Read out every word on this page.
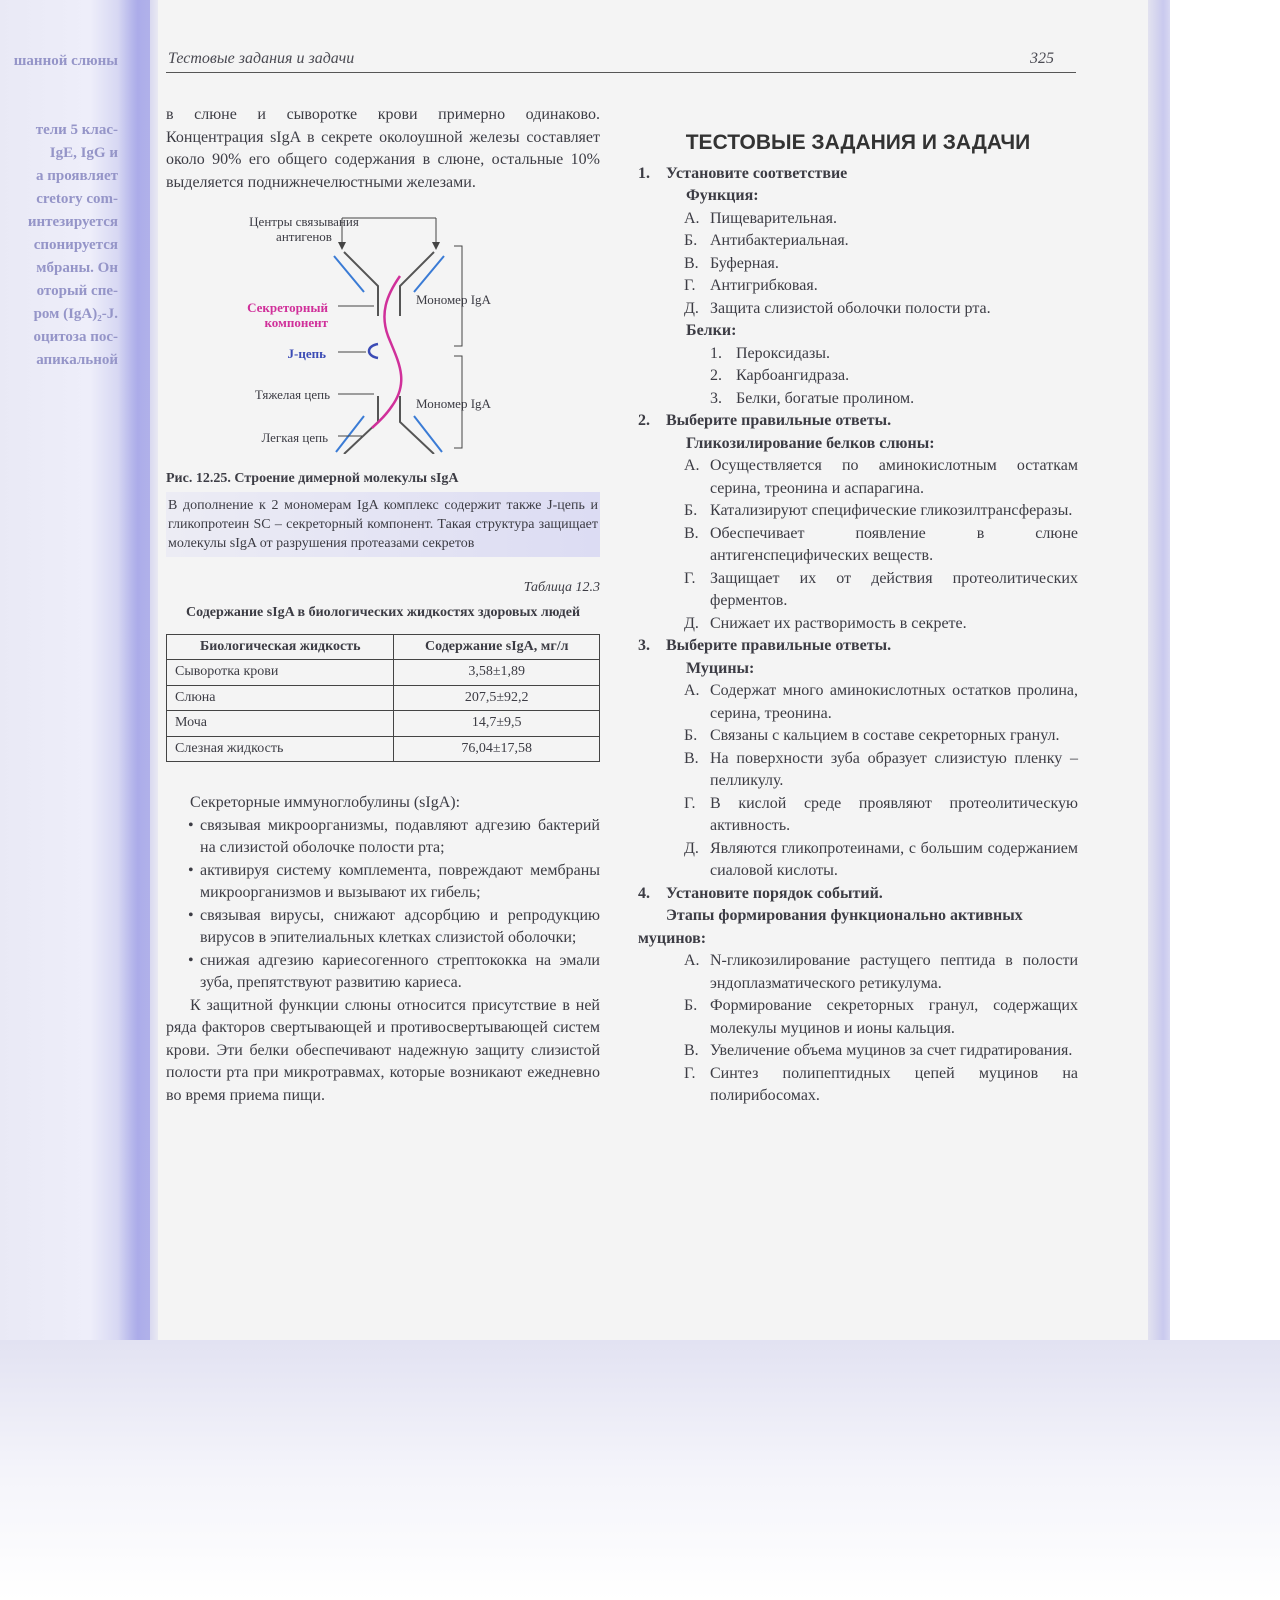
шанной слюны

тели 5 клас-
IgE, IgG и
а проявляет
cretory com-
интезируется
спонируется
мбраны. Он
оторый спе-
ром (IgA)₂-J.
оцитоза пос-
апикальной
Тестовые задания и задачи	325

в слюне и сыворотке крови примерно одинаково. Концентрация sIgA в секрете околоушной железы составляет около 90% его общего содержания в слюне, остальные 10% выделяется поднижнечелюстными железами.

Центры связывания антигенов
Секреторный компонент
J-цепь
Тяжелая цепь
Легкая цепь
Мономер IgA
Мономер IgA
Рис. 12.25. Строение димерной молекулы sIgA
В дополнение к 2 мономерам IgA комплекс содержит также J-цепь и гликопротеин SC – секреторный компонент. Такая структура защищает молекулы sIgA от разрушения протеазами секретов
Таблица 12.3
Содержание sIgA в биологических жидкостях здоровых людей
Биологическая жидкость	Содержание sIgA, мг/л
Сыворотка крови	3,58±1,89
Слюна	207,5±92,2
Моча	14,7±9,5
Слезная жидкость	76,04±17,58

Секреторные иммуноглобулины (sIgA):

• связывая микроорганизмы, подавляют адгезию бактерий на слизистой оболочке полости рта;
• активируя систему комплемента, повреждают мембраны микроорганизмов и вызывают их гибель;
• связывая вирусы, снижают адсорбцию и репродукцию вирусов в эпителиальных клетках слизистой оболочки;
• снижая адгезию кариесогенного стрептококка на эмали зуба, препятствуют развитию кариеса.

К защитной функции слюны относится присутствие в ней ряда факторов свертывающей и противосвертывающей систем крови. Эти белки обеспечивают надежную защиту слизистой полости рта при микротравмах, которые возникают ежедневно во время приема пищи.

ТЕСТОВЫЕ ЗАДАНИЯ И ЗАДАЧИ
1.	Установите соответствие
Функция:
А. Пищеварительная.
Б. Антибактериальная.
В. Буферная.
Г. Антигрибковая.
Д. Защита слизистой оболочки полости рта.
Белки:
1. Пероксидазы.
2. Карбоангидраза.
3. Белки, богатые пролином.
2.	Выберите правильные ответы.
Гликозилирование белков слюны:
А. Осуществляется по аминокислотным остаткам серина, треонина и аспарагина.
Б. Катализируют специфические гликозилтрансферазы.
В. Обеспечивает появление в слюне антигенспецифических веществ.
Г. Защищает их от действия протеолитических ферментов.
Д. Снижает их растворимость в секрете.
3.	Выберите правильные ответы.
Муцины:
А. Содержат много аминокислотных остатков пролина, серина, треонина.
Б. Связаны с кальцием в составе секреторных гранул.
В. На поверхности зуба образует слизистую пленку – пелликулу.
Г. В кислой среде проявляют протеолитическую активность.
Д. Являются гликопротеинами, с большим содержанием сиаловой кислоты.
4.	Установите порядок событий.
Этапы формирования функционально активных муцинов:
А. N-гликозилирование растущего пептида в полости эндоплазматического ретикулума.
Б. Формирование секреторных гранул, содержащих молекулы муцинов и ионы кальция.
В. Увеличение объема муцинов за счет гидратирования.
Г. Синтез полипептидных цепей муцинов на полирибосомах.
